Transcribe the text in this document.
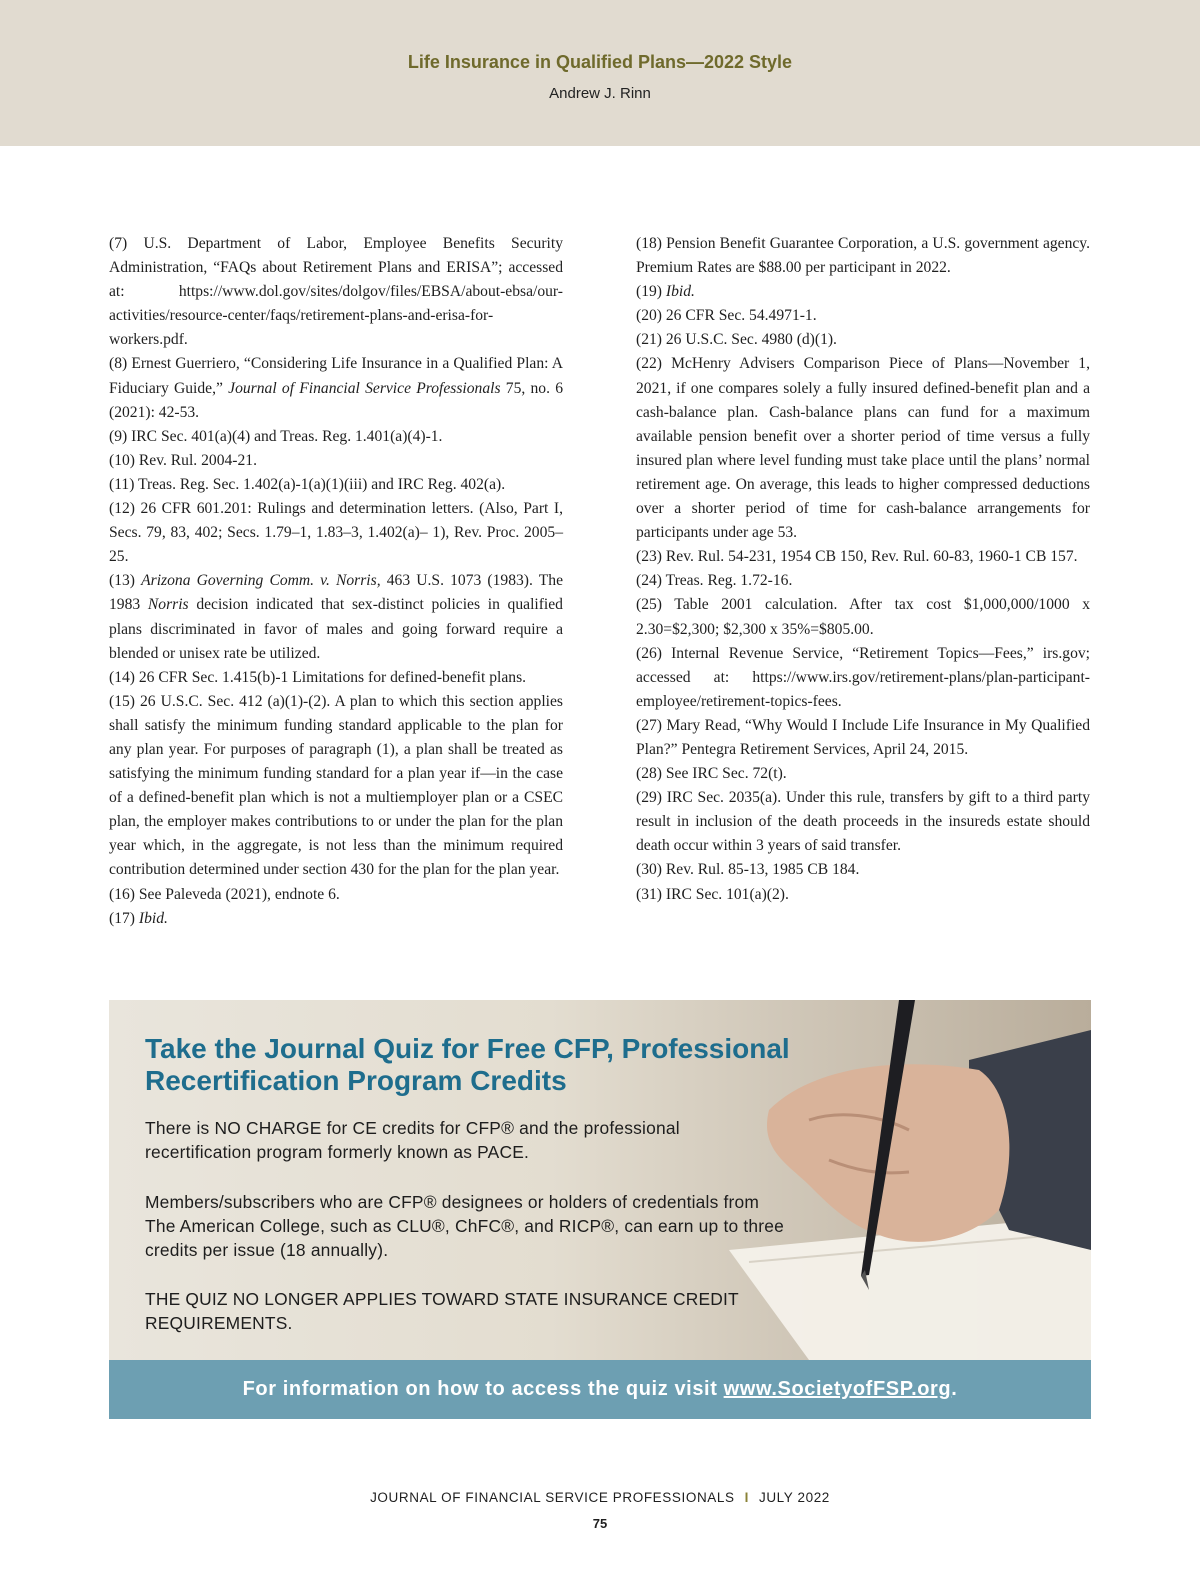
Life Insurance in Qualified Plans—2022 Style
Andrew J. Rinn
(7) U.S. Department of Labor, Employee Benefits Security Administration, “FAQs about Retirement Plans and ERISA”; accessed at: https://www.dol.gov/sites/dolgov/files/EBSA/about-ebsa/our-activities/resource-center/faqs/retirement-plans-and-erisa-for-workers.pdf.
(8) Ernest Guerriero, “Considering Life Insurance in a Qualified Plan: A Fiduciary Guide,” Journal of Financial Service Professionals 75, no. 6 (2021): 42-53.
(9) IRC Sec. 401(a)(4) and Treas. Reg. 1.401(a)(4)-1.
(10) Rev. Rul. 2004-21.
(11) Treas. Reg. Sec. 1.402(a)-1(a)(1)(iii) and IRC Reg. 402(a).
(12) 26 CFR 601.201: Rulings and determination letters. (Also, Part I, Secs. 79, 83, 402; Secs. 1.79–1, 1.83–3, 1.402(a)– 1), Rev. Proc. 2005–25.
(13) Arizona Governing Comm. v. Norris, 463 U.S. 1073 (1983). The 1983 Norris decision indicated that sex-distinct policies in qualified plans discriminated in favor of males and going forward require a blended or unisex rate be utilized.
(14) 26 CFR Sec. 1.415(b)-1 Limitations for defined-benefit plans.
(15) 26 U.S.C. Sec. 412 (a)(1)-(2). A plan to which this section applies shall satisfy the minimum funding standard applicable to the plan for any plan year. For purposes of paragraph (1), a plan shall be treated as satisfying the minimum funding standard for a plan year if—in the case of a defined-benefit plan which is not a multiemployer plan or a CSEC plan, the employer makes contributions to or under the plan for the plan year which, in the aggregate, is not less than the minimum required contribution determined under section 430 for the plan for the plan year.
(16) See Paleveda (2021), endnote 6.
(17) Ibid.
(18) Pension Benefit Guarantee Corporation, a U.S. government agency. Premium Rates are $88.00 per participant in 2022.
(19) Ibid.
(20) 26 CFR Sec. 54.4971-1.
(21) 26 U.S.C. Sec. 4980 (d)(1).
(22) McHenry Advisers Comparison Piece of Plans—November 1, 2021, if one compares solely a fully insured defined-benefit plan and a cash-balance plan. Cash-balance plans can fund for a maximum available pension benefit over a shorter period of time versus a fully insured plan where level funding must take place until the plans’ normal retirement age. On average, this leads to higher compressed deductions over a shorter period of time for cash-balance arrangements for participants under age 53.
(23) Rev. Rul. 54-231, 1954 CB 150, Rev. Rul. 60-83, 1960-1 CB 157.
(24) Treas. Reg. 1.72-16.
(25) Table 2001 calculation. After tax cost $1,000,000/1000 x 2.30=$2,300; $2,300 x 35%=$805.00.
(26) Internal Revenue Service, “Retirement Topics—Fees,” irs.gov; accessed at: https://www.irs.gov/retirement-plans/plan-participant-employee/retirement-topics-fees.
(27) Mary Read, “Why Would I Include Life Insurance in My Qualified Plan?” Pentegra Retirement Services, April 24, 2015.
(28) See IRC Sec. 72(t).
(29) IRC Sec. 2035(a). Under this rule, transfers by gift to a third party result in inclusion of the death proceeds in the insureds estate should death occur within 3 years of said transfer.
(30) Rev. Rul. 85-13, 1985 CB 184.
(31) IRC Sec. 101(a)(2).
Take the Journal Quiz for Free CFP, Professional Recertification Program Credits
There is NO CHARGE for CE credits for CFP® and the professional recertification program formerly known as PACE.
Members/subscribers who are CFP® designees or holders of credentials from The American College, such as CLU®, ChFC®, and RICP®, can earn up to three credits per issue (18 annually).
THE QUIZ NO LONGER APPLIES TOWARD STATE INSURANCE CREDIT REQUIREMENTS.
For information on how to access the quiz visit www.SocietyofFSP.org.
JOURNAL OF FINANCIAL SERVICE PROFESSIONALS I JULY 2022
75
